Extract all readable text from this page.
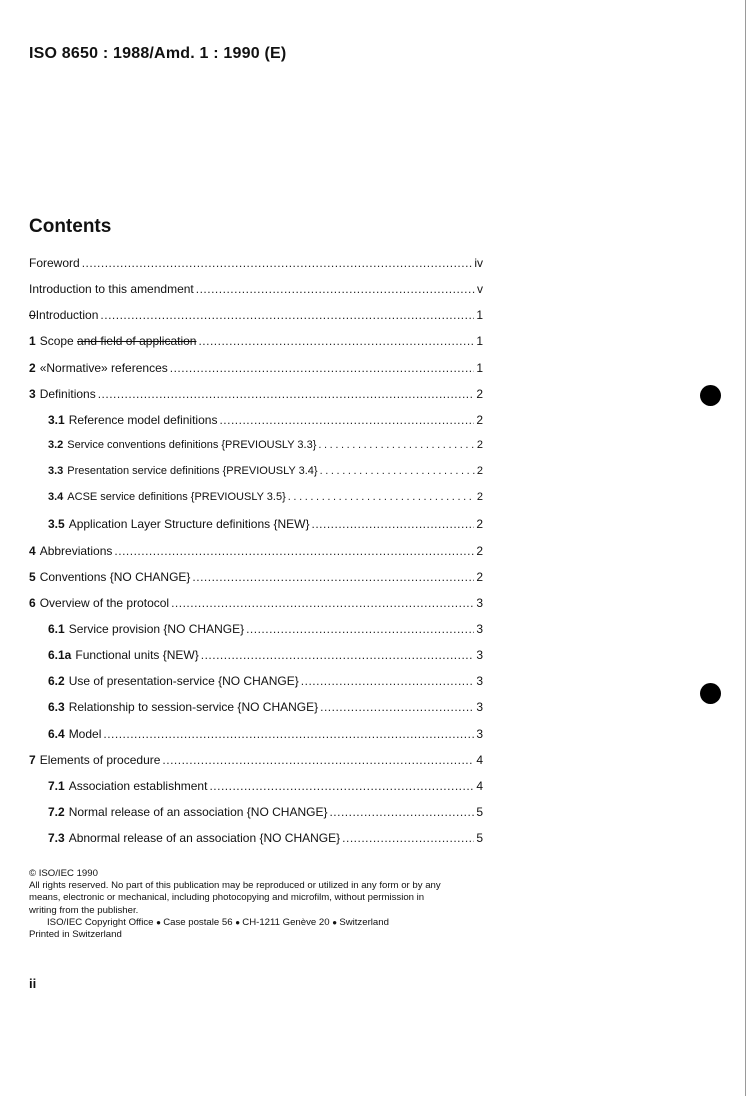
ISO 8650 : 1988/Amd. 1 : 1990 (E)
Contents
Foreword .....	iv
Introduction to this amendment .....	v
0 Introduction .....	1
1 Scope and field of application .....	1
2 «Normative» references .....	1
3 Definitions .....	2
3.1 Reference model definitions .....	2
3.2 Service conventions definitions {PREVIOUSLY 3.3} .....	2
3.3 Presentation service definitions {PREVIOUSLY 3.4} .....	2
3.4 ACSE service definitions {PREVIOUSLY 3.5} .....	2
3.5 Application Layer Structure definitions {NEW} .....	2
4 Abbreviations .....	2
5 Conventions {NO CHANGE} .....	2
6 Overview of the protocol .....	3
6.1 Service provision {NO CHANGE} .....	3
6.1a Functional units {NEW} .....	3
6.2 Use of presentation-service {NO CHANGE} .....	3
6.3 Relationship to session-service {NO CHANGE} .....	3
6.4 Model .....	3
7 Elements of procedure .....	4
7.1 Association establishment .....	4
7.2 Normal release of an association {NO CHANGE} .....	5
7.3 Abnormal release of an association {NO CHANGE} .....	5
© ISO/IEC 1990
All rights reserved. No part of this publication may be reproduced or utilized in any form or by any
means, electronic or mechanical, including photocopying and microfilm, without permission in
writing from the publisher.
ISO/IEC Copyright Office ● Case postale 56 ● CH-1211 Genève 20 ● Switzerland
Printed in Switzerland
ii
